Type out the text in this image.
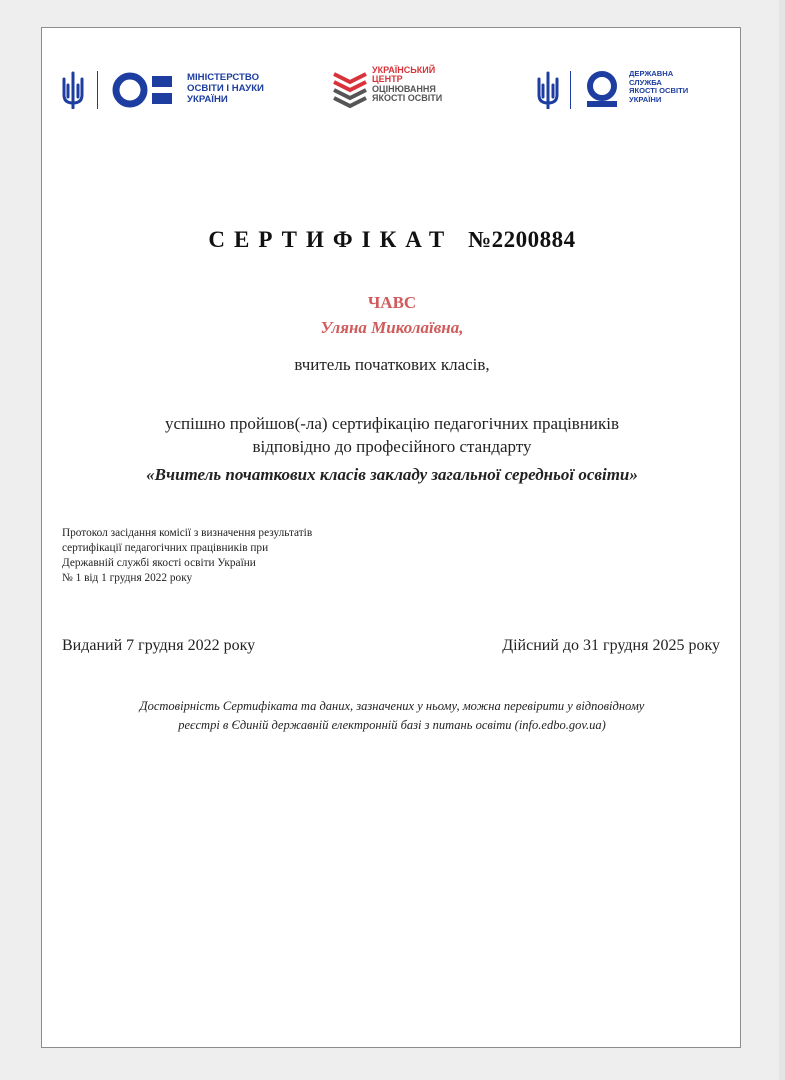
МІНІСТЕРСТВО
ОСВІТИ І НАУКИ
УКРАЇНИ
УКРАЇНСЬКИЙ
ЦЕНТР
ОЦІНЮВАННЯ
ЯКОСТІ ОСВІТИ
ДЕРЖАВНА
СЛУЖБА
ЯКОСТІ ОСВІТИ
УКРАЇНИ
СЕРТИФІКАТ №2200884
ЧАВС
Уляна Миколаївна,
вчитель початкових класів,
успішно пройшов(-ла) сертифікацію педагогічних працівників
відповідно до професійного стандарту
«Вчитель початкових класів закладу загальної середньої освіти»
Протокол засідання комісії з визначення результатів
сертифікації педагогічних працівників при
Державній службі якості освіти України
№ 1 від 1 грудня 2022 року
Виданий 7 грудня 2022 року	Дійсний до 31 грудня 2025 року
Достовірність Сертифіката та даних, зазначених у ньому, можна перевірити у відповідному
реєстрі в Єдиній державній електронній базі з питань освіти (info.edbo.gov.ua)
